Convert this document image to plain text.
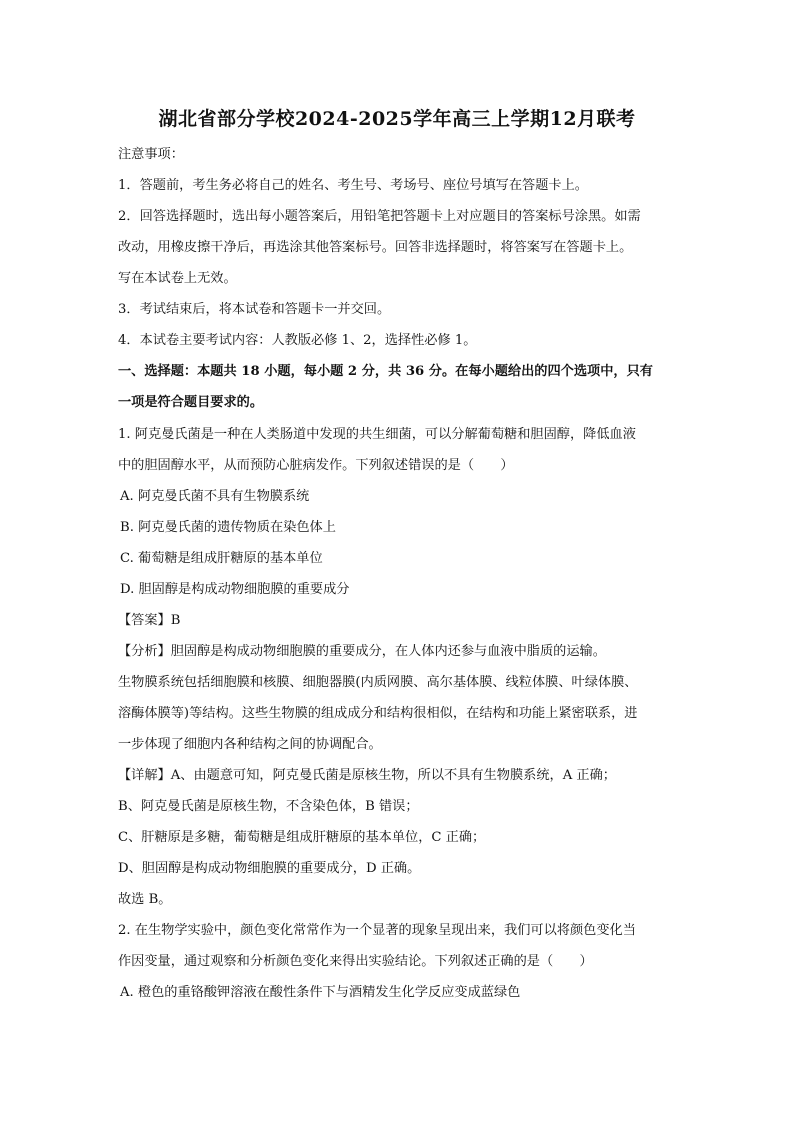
湖北省部分学校2024-2025学年高三上学期12月联考
注意事项：
1．答题前，考生务必将自己的姓名、考生号、考场号、座位号填写在答题卡上。
2．回答选择题时，选出每小题答案后，用铅笔把答题卡上对应题目的答案标号涂黑。如需
改动，用橡皮擦干净后，再选涂其他答案标号。回答非选择题时，将答案写在答题卡上。
写在本试卷上无效。
3．考试结束后，将本试卷和答题卡一并交回。
4．本试卷主要考试内容：人教版必修 1、2，选择性必修 1。
一、选择题：本题共 18 小题，每小题 2 分，共 36 分。在每小题给出的四个选项中，只有
一项是符合题目要求的。
1. 阿克曼氏菌是一种在人类肠道中发现的共生细菌，可以分解葡萄糖和胆固醇，降低血液
中的胆固醇水平，从而预防心脏病发作。下列叙述错误的是（　　）
A. 阿克曼氏菌不具有生物膜系统
B. 阿克曼氏菌的遗传物质在染色体上
C. 葡萄糖是组成肝糖原的基本单位
D. 胆固醇是构成动物细胞膜的重要成分
【答案】B
【分析】胆固醇是构成动物细胞膜的重要成分，在人体内还参与血液中脂质的运输。
生物膜系统包括细胞膜和核膜、细胞器膜(内质网膜、高尔基体膜、线粒体膜、叶绿体膜、
溶酶体膜等)等结构。这些生物膜的组成成分和结构很相似，在结构和功能上紧密联系，进
一步体现了细胞内各种结构之间的协调配合。
【详解】A、由题意可知，阿克曼氏菌是原核生物，所以不具有生物膜系统，A 正确；
B、阿克曼氏菌是原核生物，不含染色体，B 错误；
C、肝糖原是多糖，葡萄糖是组成肝糖原的基本单位，C 正确；
D、胆固醇是构成动物细胞膜的重要成分，D 正确。
故选 B。
2. 在生物学实验中，颜色变化常常作为一个显著的现象呈现出来，我们可以将颜色变化当
作因变量，通过观察和分析颜色变化来得出实验结论。下列叙述正确的是（　　）
A. 橙色的重铬酸钾溶液在酸性条件下与酒精发生化学反应变成蓝绿色
